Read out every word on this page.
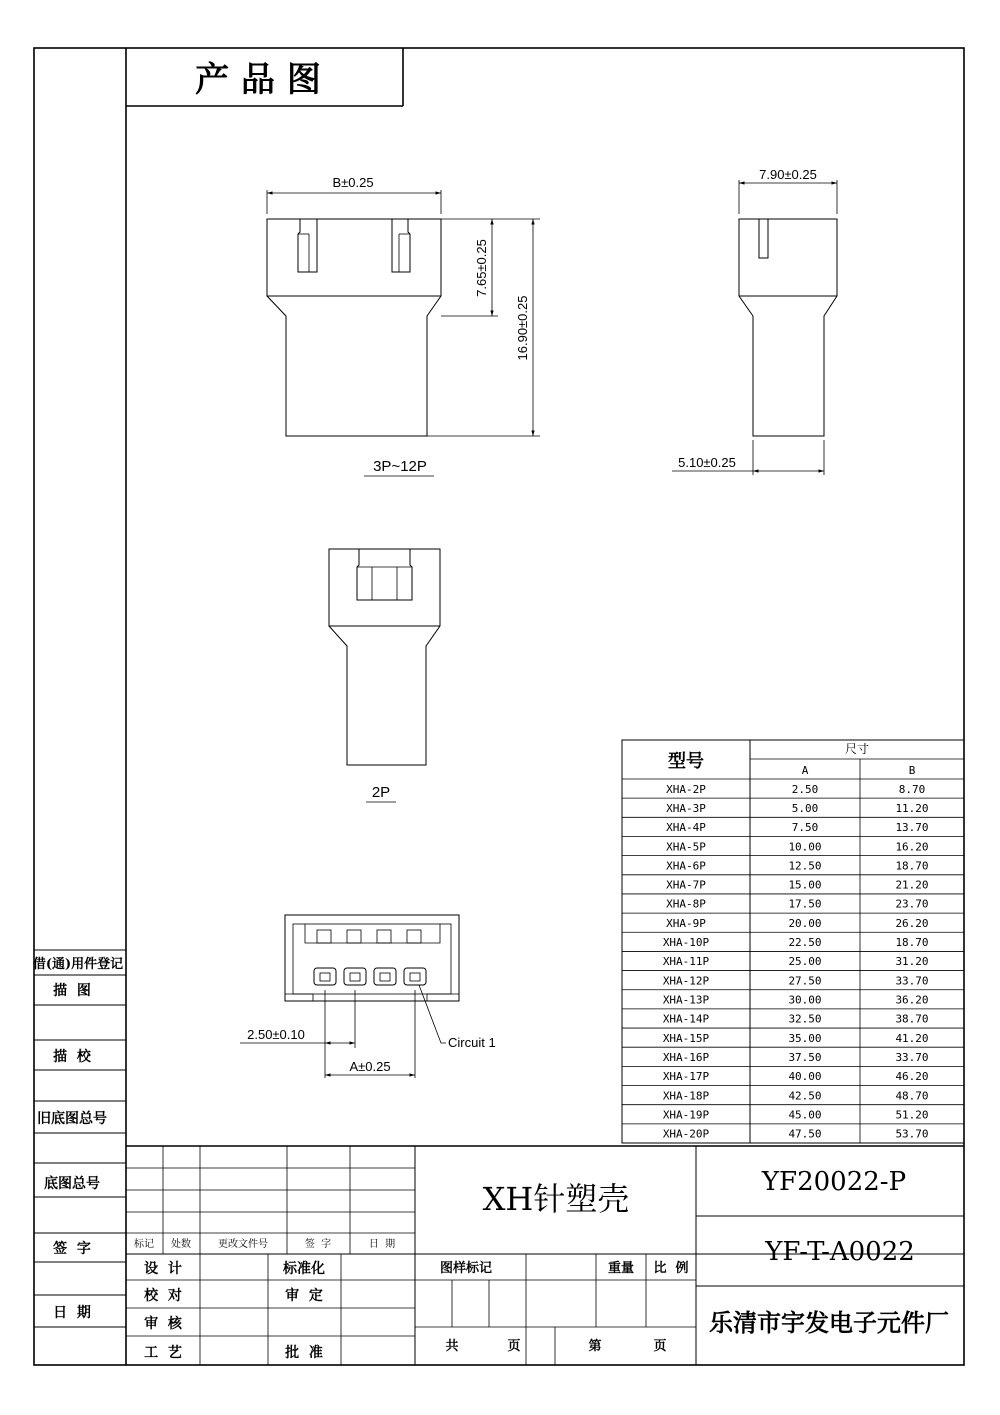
产 品 图
B±0.25
7.65±0.25
16.90±0.25
3P~12P
7.90±0.25
5.10±0.25
2P
2.50±0.10
A±0.25
Circuit 1
型号
尺寸
A	B
XHA-2P	2.50	8.70
XHA-3P	5.00	11.20
XHA-4P	7.50	13.70
XHA-5P	10.00	16.20
XHA-6P	12.50	18.70
XHA-7P	15.00	21.20
XHA-8P	17.50	23.70
XHA-9P	20.00	26.20
XHA-10P	22.50	18.70
XHA-11P	25.00	31.20
XHA-12P	27.50	33.70
XHA-13P	30.00	36.20
XHA-14P	32.50	38.70
XHA-15P	35.00	41.20
XHA-16P	37.50	33.70
XHA-17P	40.00	46.20
XHA-18P	42.50	48.70
XHA-19P	45.00	51.20
XHA-20P	47.50	53.70
借(通)用件登记
描  图
描  校
旧底图总号
底图总号
签  字
日  期
标记 处数	更改文件号	签  字	日  期
设  计
校  对
审  核
工  艺
标准化
审  定
批  准
XH针塑壳
图样标记	重量 比  例
共	页	第	页
YF20022-P
YF-T-A0022
乐清市宇发电子元件厂
